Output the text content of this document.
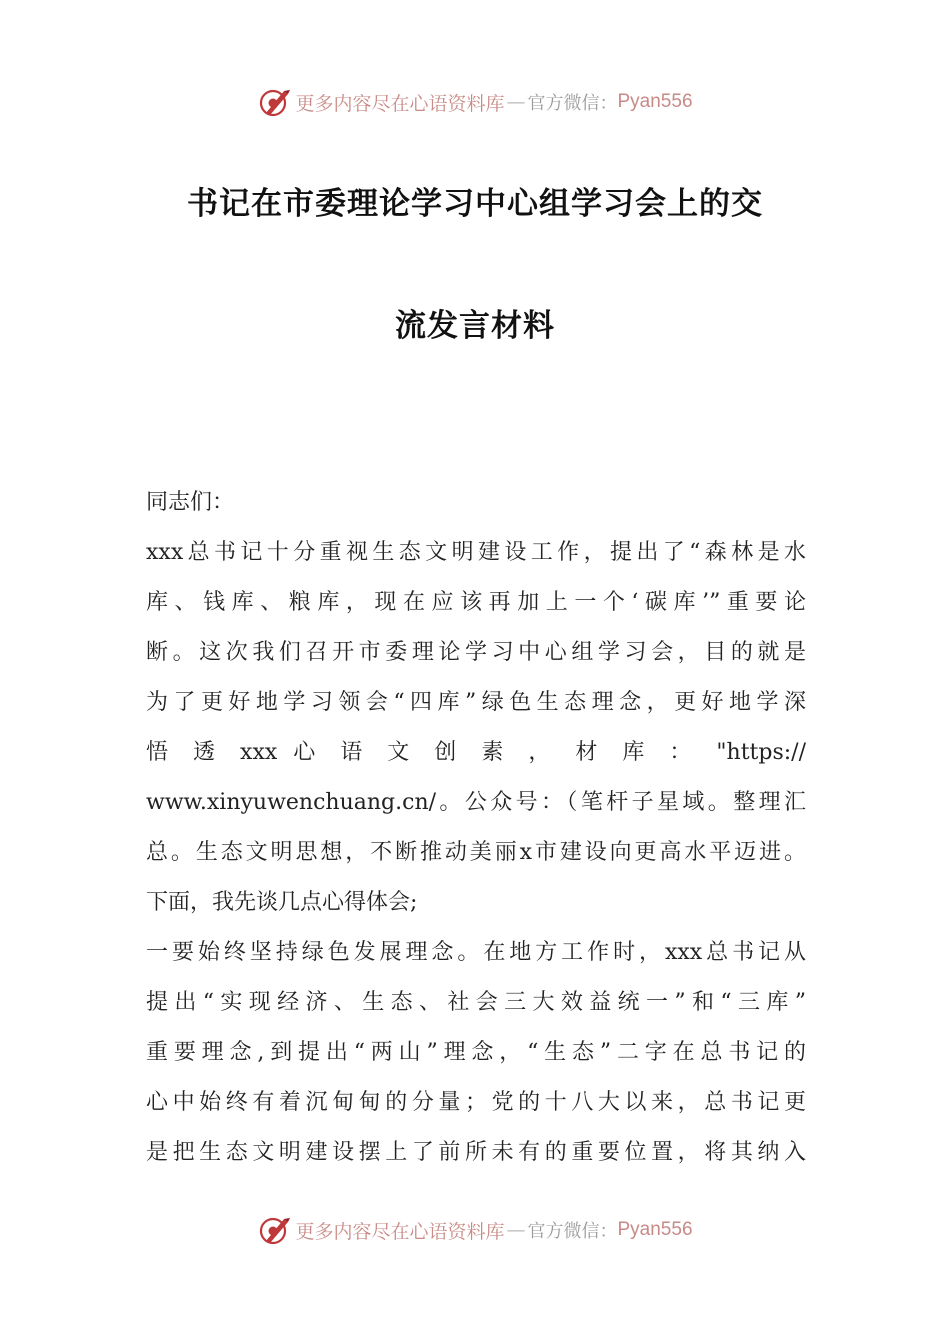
更多内容尽在心语资料库 — 官方微信： Pyan556
书记在市委理论学习中心组学习会上的交
流发言材料
同志们：
xxx总书记十分重视生态文明建设工作，提出了“森林是水
库、钱库、粮库，现在应该再加上一个‘碳库’”重要论
断。这次我们召开市委理论学习中心组学习会，目的就是
为了更好地学习领会“四库”绿色生态理念，更好地学深
悟 透 xxx 心 语 文 创 素 ， 材 库 ： "https://
www.xinyuwenchuang.cn/。公众号：（笔杆子星域。整理汇
总。生态文明思想，不断推动美丽x市建设向更高水平迈进。
下面，我先谈几点心得体会;
一要始终坚持绿色发展理念。在地方工作时，xxx总书记从
提出“实现经济、生态、社会三大效益统一”和“三库”
重要理念,到提出“两山”理念，“生态”二字在总书记的
心中始终有着沉甸甸的分量；党的十八大以来，总书记更
是把生态文明建设摆上了前所未有的重要位置，将其纳入
更多内容尽在心语资料库 — 官方微信： Pyan556
